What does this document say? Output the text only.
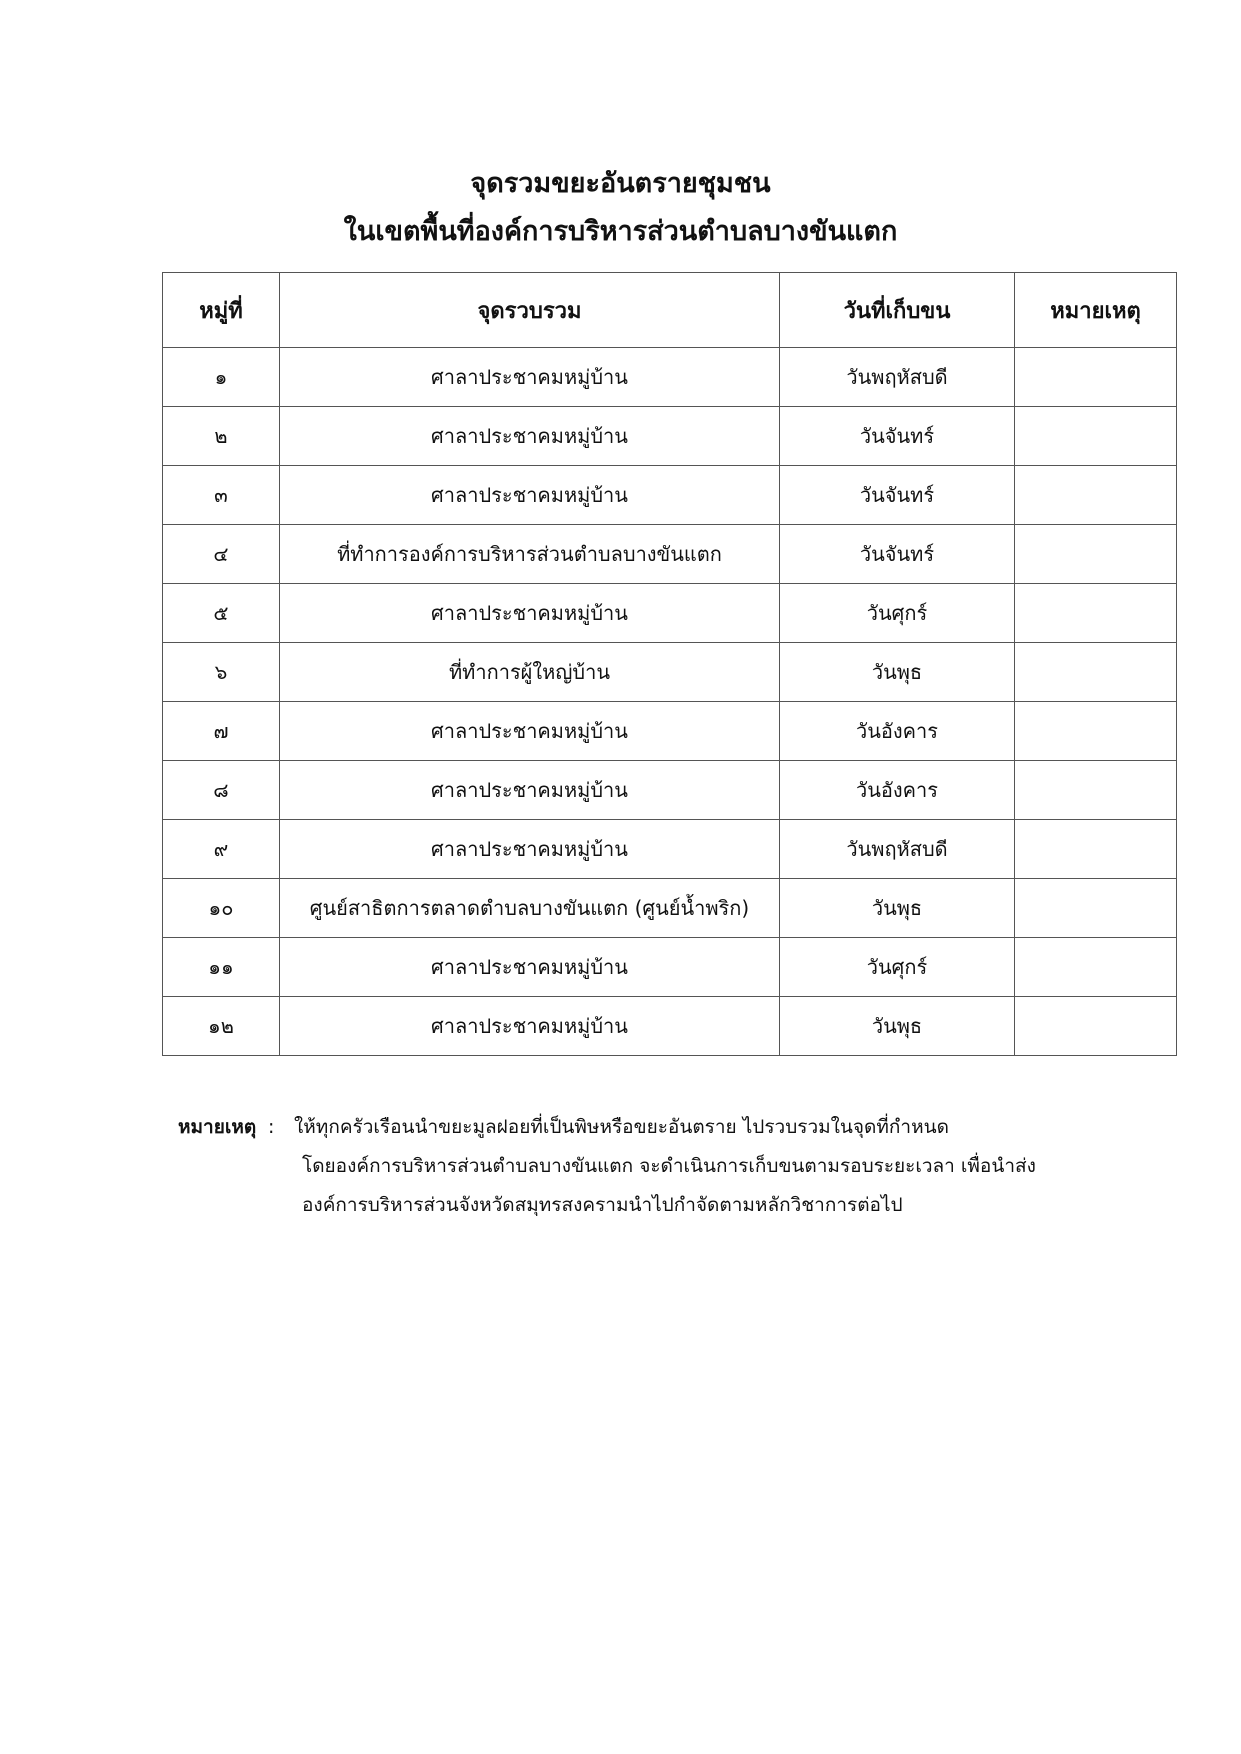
จุดรวมขยะอันตรายชุมชน
ในเขตพื้นที่องค์การบริหารส่วนตำบลบางขันแตก
หมู่ที่	จุดรวบรวม	วันที่เก็บขน	หมายเหตุ
๑	ศาลาประชาคมหมู่บ้าน	วันพฤหัสบดี	
๒	ศาลาประชาคมหมู่บ้าน	วันจันทร์	
๓	ศาลาประชาคมหมู่บ้าน	วันจันทร์	
๔	ที่ทำการองค์การบริหารส่วนตำบลบางขันแตก	วันจันทร์	
๕	ศาลาประชาคมหมู่บ้าน	วันศุกร์	
๖	ที่ทำการผู้ใหญ่บ้าน	วันพุธ	
๗	ศาลาประชาคมหมู่บ้าน	วันอังคาร	
๘	ศาลาประชาคมหมู่บ้าน	วันอังคาร	
๙	ศาลาประชาคมหมู่บ้าน	วันพฤหัสบดี	
๑๐	ศูนย์สาธิตการตลาดตำบลบางขันแตก (ศูนย์น้ำพริก)	วันพุธ	
๑๑	ศาลาประชาคมหมู่บ้าน	วันศุกร์	
๑๒	ศาลาประชาคมหมู่บ้าน	วันพุธ	
หมายเหตุ :	ให้ทุกครัวเรือนนำขยะมูลฝอยที่เป็นพิษหรือขยะอันตราย ไปรวบรวมในจุดที่กำหนด
โดยองค์การบริหารส่วนตำบลบางขันแตก จะดำเนินการเก็บขนตามรอบระยะเวลา เพื่อนำส่ง
องค์การบริหารส่วนจังหวัดสมุทรสงครามนำไปกำจัดตามหลักวิชาการต่อไป
